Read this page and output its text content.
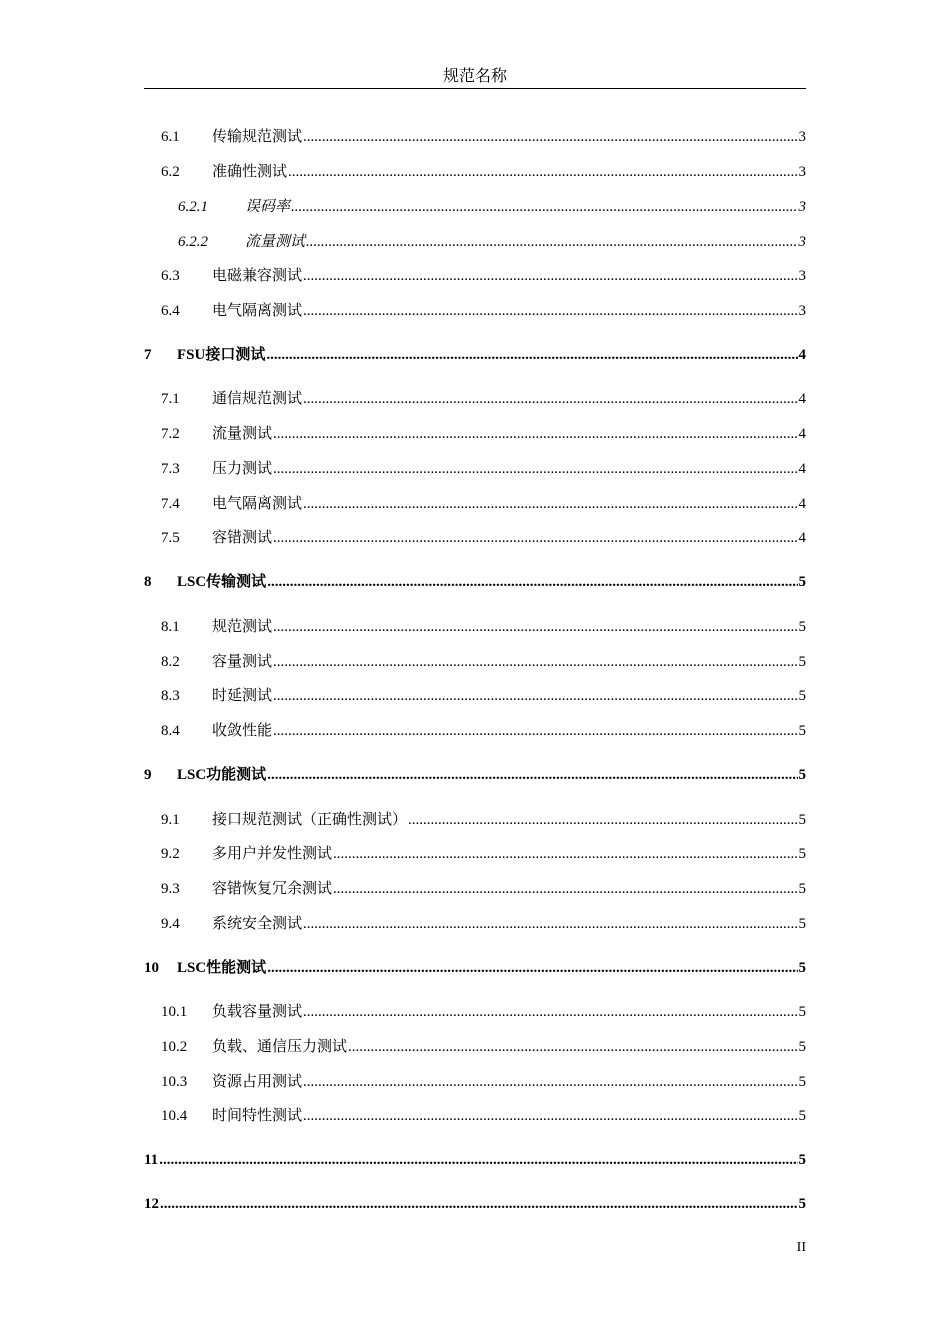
规范名称
6.1	传输规范测试 .....	3
6.2	准确性测试 .....	3
6.2.1	误码率 .....	3
6.2.2	流量测试 .....	3
6.3	电磁兼容测试 .....	3
6.4	电气隔离测试 .....	3
7	FSU接口测试 .....	4
7.1	通信规范测试 .....	4
7.2	流量测试 .....	4
7.3	压力测试 .....	4
7.4	电气隔离测试 .....	4
7.5	容错测试 .....	4
8	LSC传输测试 .....	5
8.1	规范测试 .....	5
8.2	容量测试 .....	5
8.3	时延测试 .....	5
8.4	收敛性能 .....	5
9	LSC功能测试 .....	5
9.1	接口规范测试（正确性测试） .....	5
9.2	多用户并发性测试 .....	5
9.3	容错恢复冗余测试 .....	5
9.4	系统安全测试 .....	5
10	LSC性能测试 .....	5
10.1	负载容量测试 .....	5
10.2	负载、通信压力测试 .....	5
10.3	资源占用测试 .....	5
10.4	时间特性测试 .....	5
11 .....	5
12 .....	5
II
